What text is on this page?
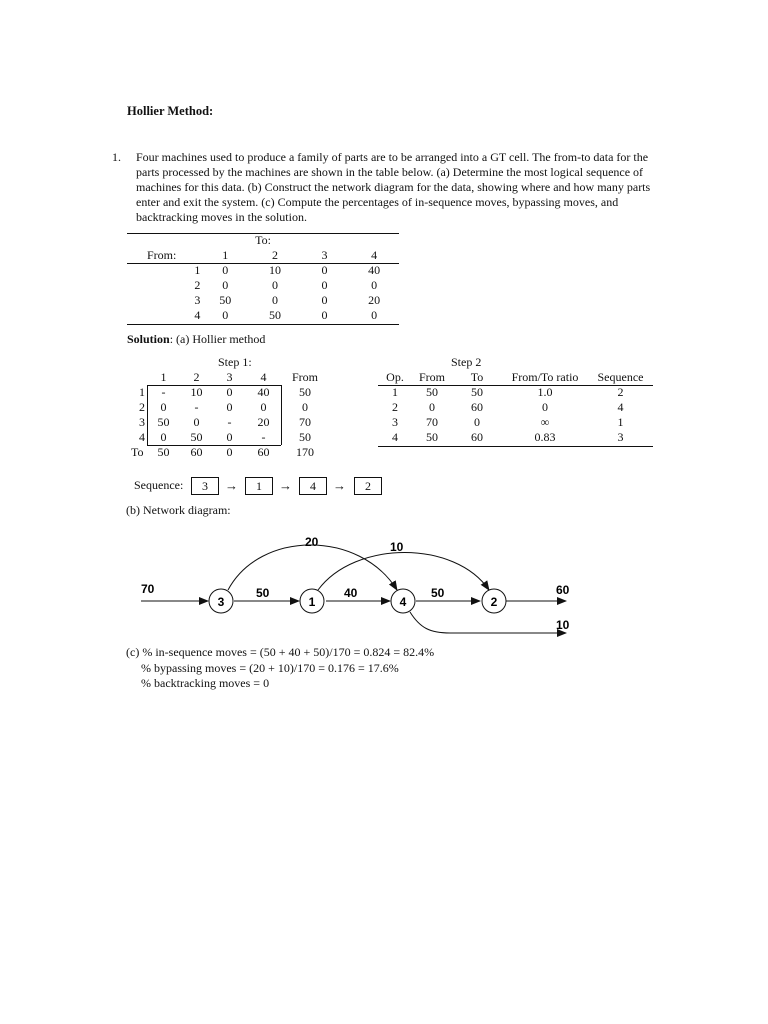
Hollier Method:
1. Four machines used to produce a family of parts are to be arranged into a GT cell. The from-to data for the
parts processed by the machines are shown in the table below. (a) Determine the most logical sequence of
machines for this data. (b) Construct the network diagram for the data, showing where and how many parts
enter and exit the system. (c) Compute the percentages of in-sequence moves, bypassing moves, and
backtracking moves in the solution.
To:
From:	1	2	3	4
1	0	10	0	40
2	0	0	0	0
3	50	0	0	20
4	0	50	0	0
Solution: (a) Hollier method
Step 1:
	1	2	3	4	From
1	-	10	0	40	50
2	0	-	0	0	0
3	50	0	-	20	70
4	0	50	0	-	50
To	50	60	0	60	170
Step 2
Op.	From	To	From/To ratio	Sequence
1	50	50	1.0	2
2	0	60	0	4
3	70	0	∞	1
4	50	60	0.83	3
Sequence:	3	→	1	→	4	→	2
(b) Network diagram:
3	1	4	2
70	50	40	50
20	10
60
10
(c) % in-sequence moves = (50 + 40 + 50)/170 = 0.824 = 82.4%
% bypassing moves = (20 + 10)/170 = 0.176 = 17.6%
% backtracking moves = 0
